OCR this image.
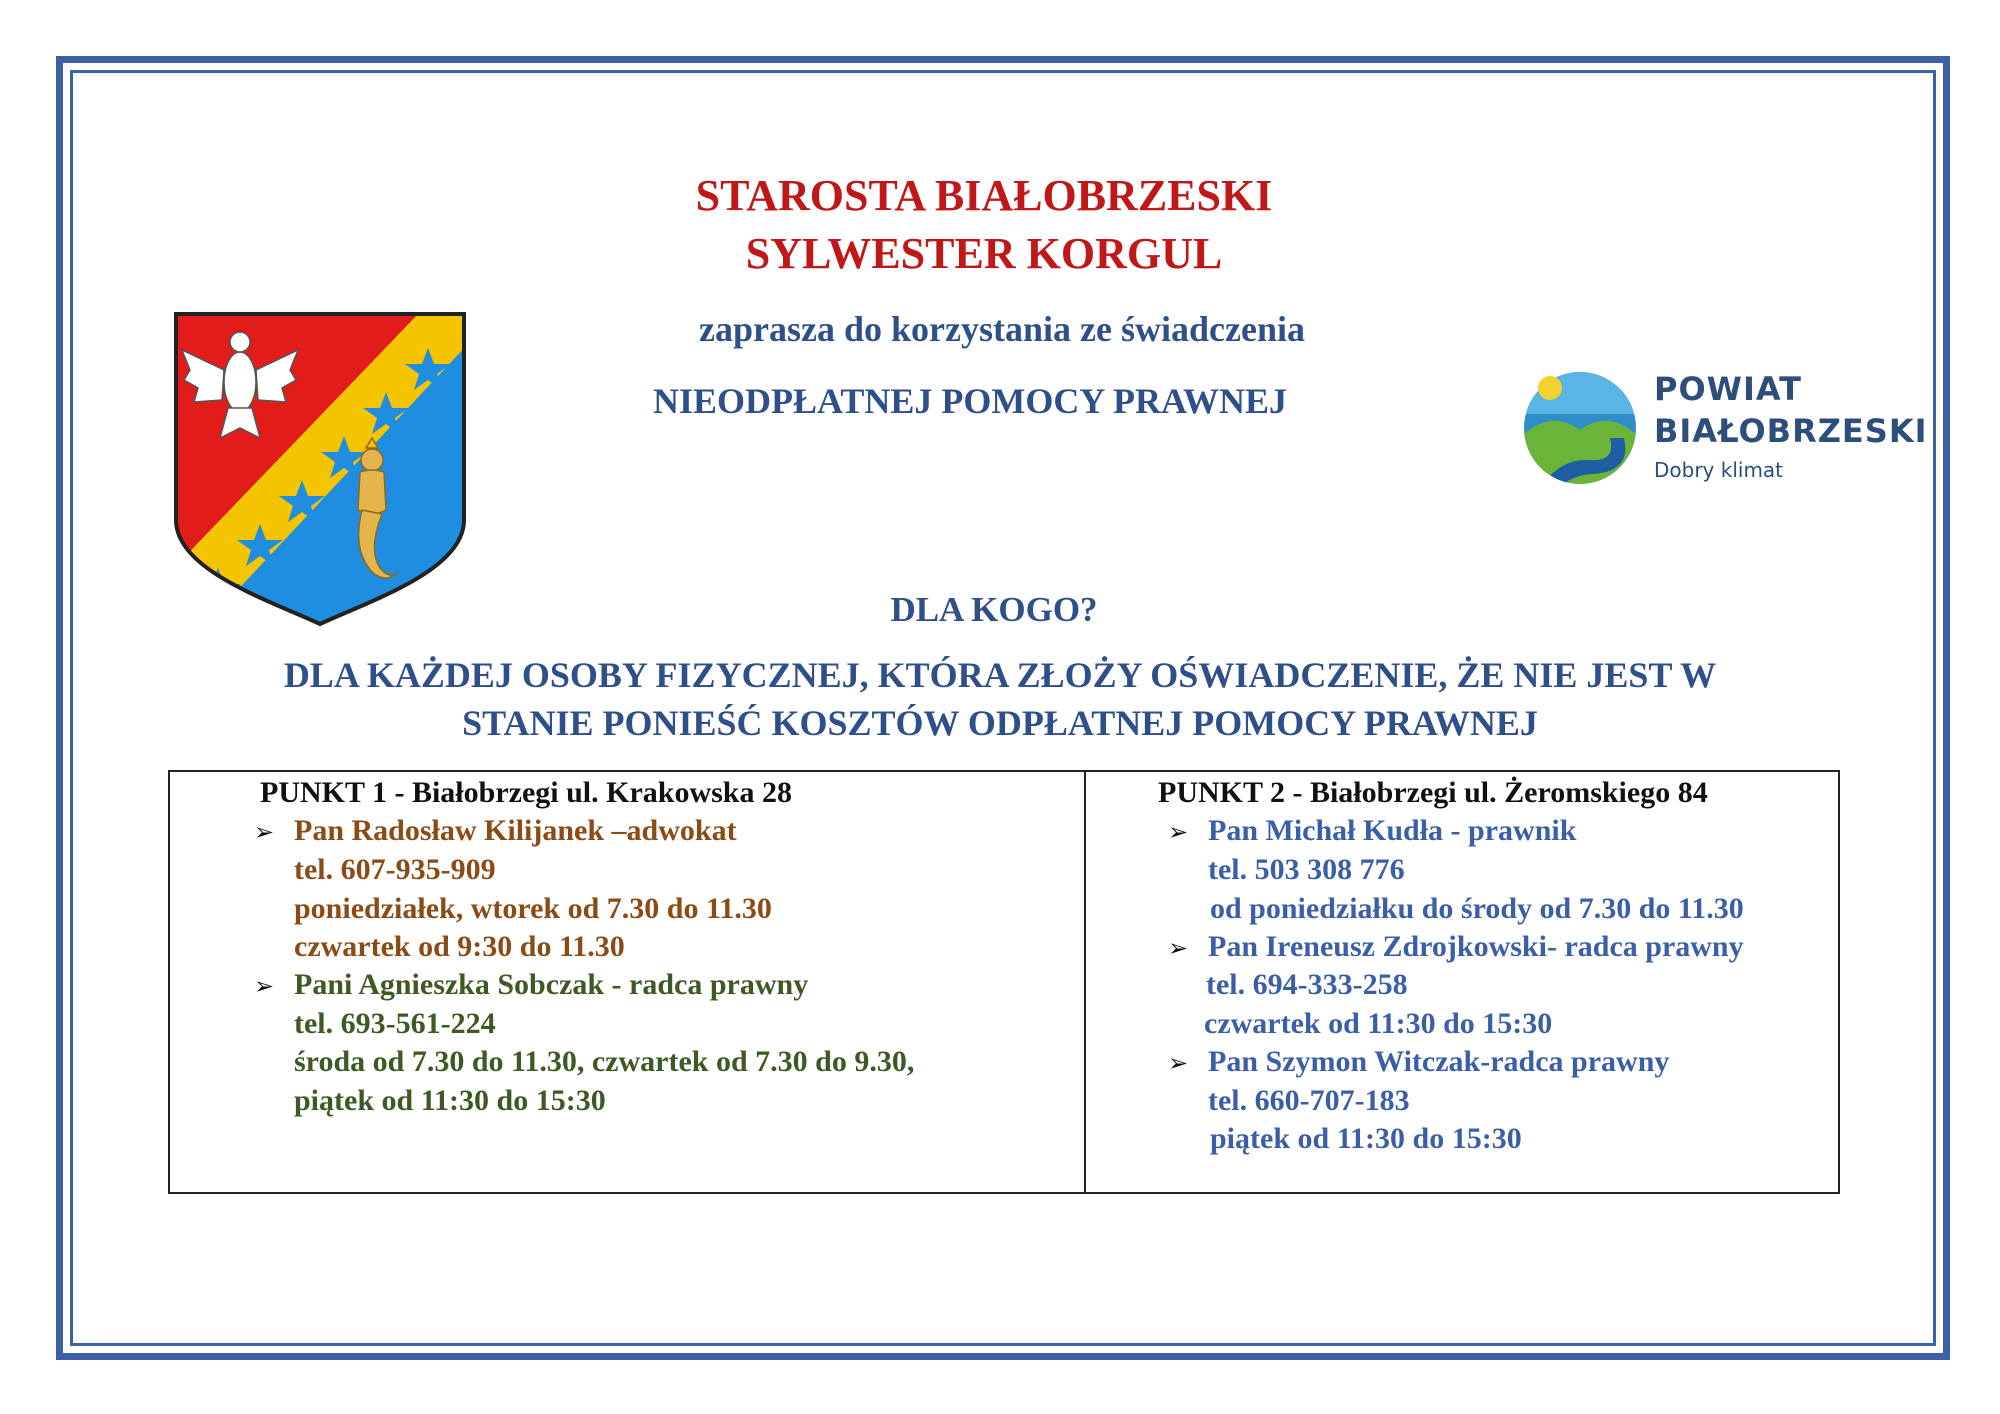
STAROSTA BIAŁOBRZESKI
SYLWESTER KORGUL
zaprasza do korzystania ze świadczenia
NIEODPŁATNEJ POMOCY PRAWNEJ	POWIAT
BIAŁOBRZESKI
Dobry klimat
DLA KOGO?
DLA KAŻDEJ OSOBY FIZYCZNEJ, KTÓRA ZŁOŻY OŚWIADCZENIE, ŻE NIE JEST W
STANIE PONIEŚĆ KOSZTÓW ODPŁATNEJ POMOCY PRAWNEJ
PUNKT 1 - Białobrzegi ul. Krakowska 28
➢ Pan Radosław Kilijanek –adwokat
tel. 607-935-909
poniedziałek, wtorek od 7.30 do 11.30
czwartek od 9:30 do 11.30
➢ Pani Agnieszka Sobczak - radca prawny
tel. 693-561-224
środa od 7.30 do 11.30, czwartek od 7.30 do 9.30,
piątek od 11:30 do 15:30
PUNKT 2 - Białobrzegi ul. Żeromskiego 84
➢ Pan Michał Kudła - prawnik
tel. 503 308 776
od poniedziałku do środy od 7.30 do 11.30
➢ Pan Ireneusz Zdrojkowski- radca prawny
tel. 694-333-258
czwartek od 11:30 do 15:30
➢ Pan Szymon Witczak-radca prawny
tel. 660-707-183
piątek od 11:30 do 15:30
